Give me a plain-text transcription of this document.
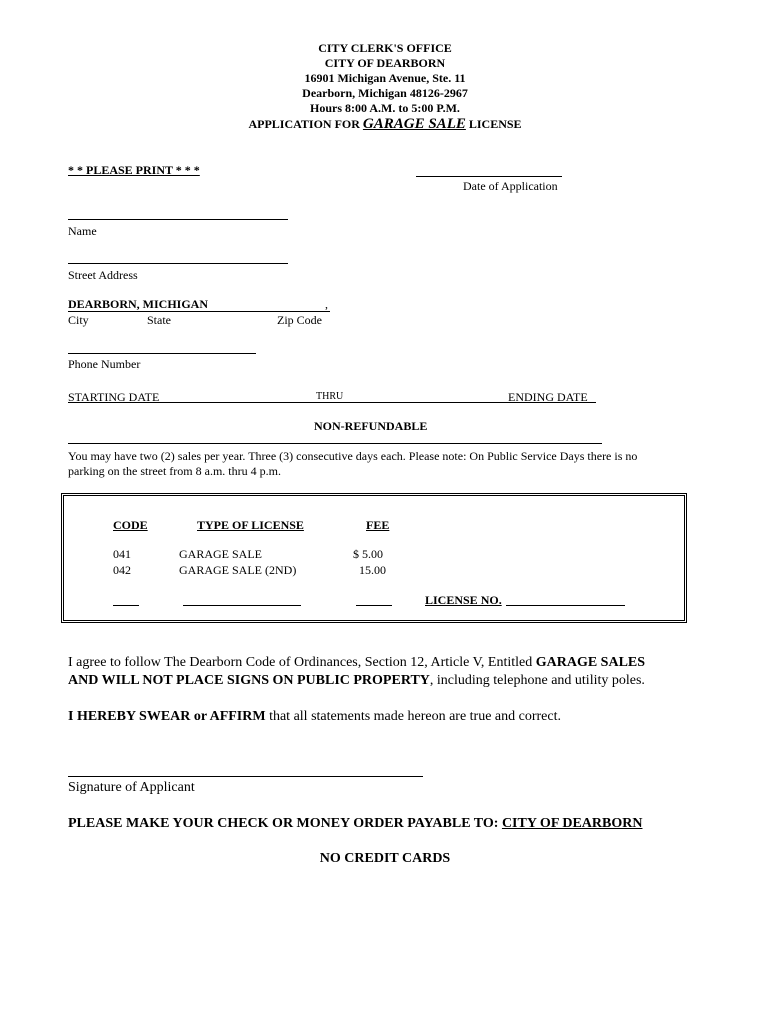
CITY CLERK'S OFFICE
CITY OF DEARBORN
16901 Michigan Avenue, Ste. 11
Dearborn, Michigan 48126-2967
Hours 8:00 A.M. to 5:00 P.M.
APPLICATION FOR GARAGE SALE LICENSE
* * PLEASE PRINT * * *
Date of Application
Name
Street Address
DEARBORN, MICHIGAN	,
City	State	Zip Code
Phone Number
STARTING DATE	THRU	ENDING DATE
NON-REFUNDABLE
You may have two (2) sales per year. Three (3) consecutive days each. Please note: On Public Service Days there is no
parking on the street from 8 a.m. thru 4 p.m.
CODE	TYPE OF LICENSE	FEE
041	GARAGE SALE	$ 5.00
042	GARAGE SALE (2ND)	15.00
LICENSE NO.
I agree to follow The Dearborn Code of Ordinances, Section 12, Article V, Entitled GARAGE SALES
AND WILL NOT PLACE SIGNS ON PUBLIC PROPERTY, including telephone and utility poles.
I HEREBY SWEAR or AFFIRM that all statements made hereon are true and correct.
Signature of Applicant
PLEASE MAKE YOUR CHECK OR MONEY ORDER PAYABLE TO: CITY OF DEARBORN
NO CREDIT CARDS
